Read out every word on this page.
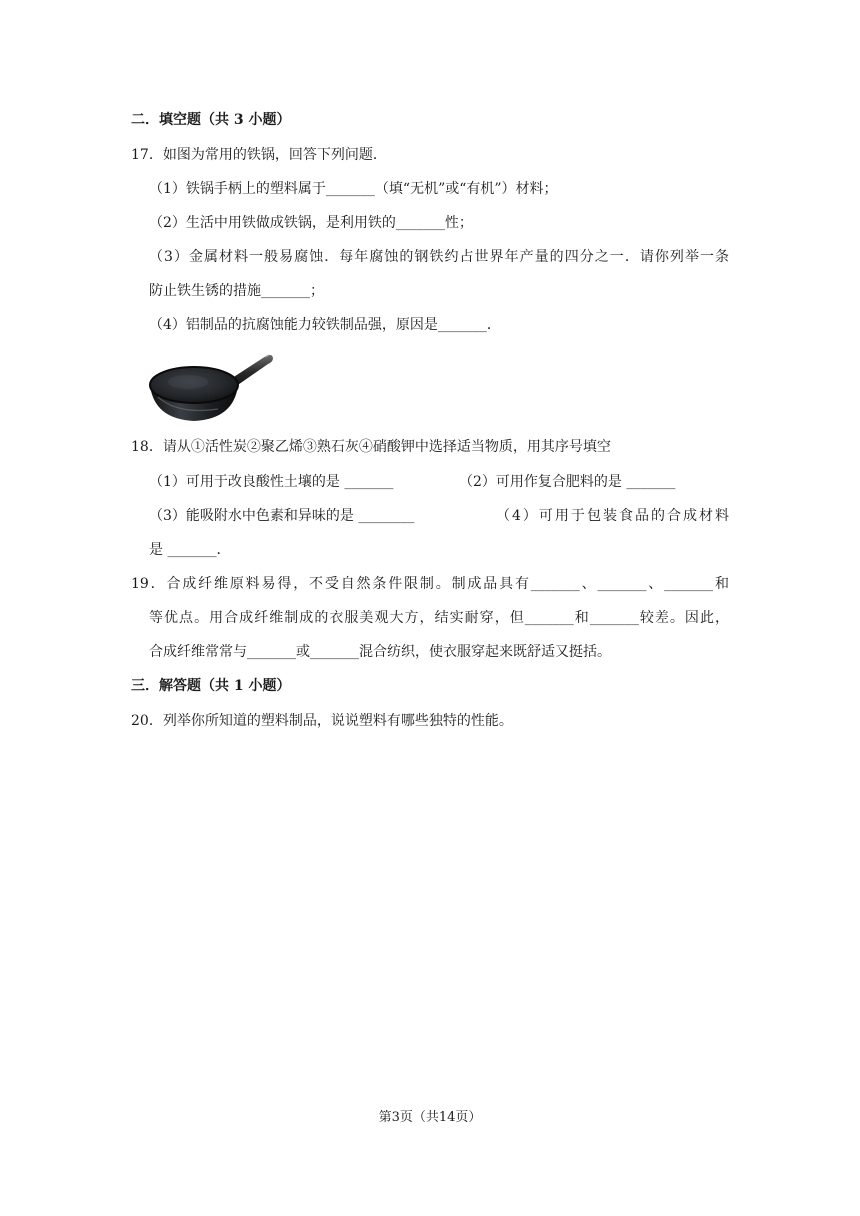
二．填空题（共 3 小题）
17．如图为常用的铁锅，回答下列问题．
（1）铁锅手柄上的塑料属于_______（填“无机”或“有机”）材料；
（2）生活中用铁做成铁锅，是利用铁的_______性；
（3）金属材料一般易腐蚀．每年腐蚀的钢铁约占世界年产量的四分之一．请你列举一条
防止铁生锈的措施_______；
（4）铝制品的抗腐蚀能力较铁制品强，原因是_______．
18．请从①活性炭②聚乙烯③熟石灰④硝酸钾中选择适当物质，用其序号填空
（1）可用于改良酸性土壤的是 _______	（2）可用作复合肥料的是 _______
（3）能吸附水中色素和异味的是 ________	（4）可用于包装食品的合成材料
是 _______．
19．合成纤维原料易得，不受自然条件限制。制成品具有_______、_______、_______和
等优点。用合成纤维制成的衣服美观大方，结实耐穿，但_______和_______较差。因此，
合成纤维常常与_______或_______混合纺织，使衣服穿起来既舒适又挺括。
三．解答题（共 1 小题）
20．列举你所知道的塑料制品，说说塑料有哪些独特的性能。
第3页（共14页）
